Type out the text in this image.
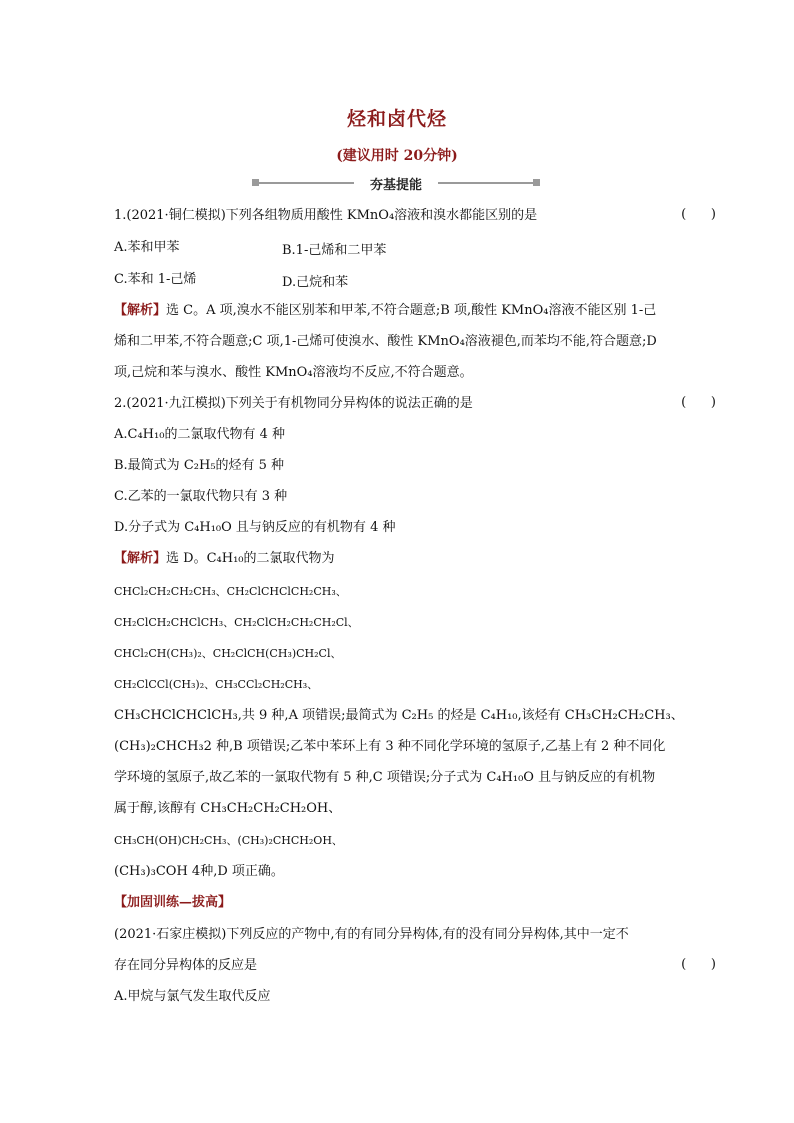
烃和卤代烃
(建议用时 20分钟)
夯基提能
1.(2021·铜仁模拟)下列各组物质用酸性 KMnO₄溶液和溴水都能区别的是	(      )
A.苯和甲苯	B.1-己烯和二甲苯
C.苯和 1-己烯	D.己烷和苯
【解析】选 C。A 项,溴水不能区别苯和甲苯,不符合题意;B 项,酸性 KMnO₄溶液不能区别 1-己
烯和二甲苯,不符合题意;C 项,1-己烯可使溴水、酸性 KMnO₄溶液褪色,而苯均不能,符合题意;D
项,己烷和苯与溴水、酸性 KMnO₄溶液均不反应,不符合题意。
2.(2021·九江模拟)下列关于有机物同分异构体的说法正确的是	(      )
A.C₄H₁₀的二氯取代物有 4 种
B.最简式为 C₂H₅的烃有 5 种
C.乙苯的一氯取代物只有 3 种
D.分子式为 C₄H₁₀O 且与钠反应的有机物有 4 种
【解析】选 D。C₄H₁₀的二氯取代物为
CHCl₂CH₂CH₂CH₃、CH₂ClCHClCH₂CH₃、
CH₂ClCH₂CHClCH₃、CH₂ClCH₂CH₂CH₂Cl、
CHCl₂CH(CH₃)₂、CH₂ClCH(CH₃)CH₂Cl、
CH₂ClCCl(CH₃)₂、CH₃CCl₂CH₂CH₃、
CH₃CHClCHClCH₃,共 9 种,A 项错误;最简式为 C₂H₅ 的烃是 C₄H₁₀,该烃有 CH₃CH₂CH₂CH₃、
(CH₃)₂CHCH₃2 种,B 项错误;乙苯中苯环上有 3 种不同化学环境的氢原子,乙基上有 2 种不同化
学环境的氢原子,故乙苯的一氯取代物有 5 种,C 项错误;分子式为 C₄H₁₀O 且与钠反应的有机物
属于醇,该醇有 CH₃CH₂CH₂CH₂OH、
CH₃CH(OH)CH₂CH₃、(CH₃)₂CHCH₂OH、
(CH₃)₃COH 4种,D 项正确。
【加固训练—拔高】
(2021·石家庄模拟)下列反应的产物中,有的有同分异构体,有的没有同分异构体,其中一定不
存在同分异构体的反应是	(      )
A.甲烷与氯气发生取代反应
